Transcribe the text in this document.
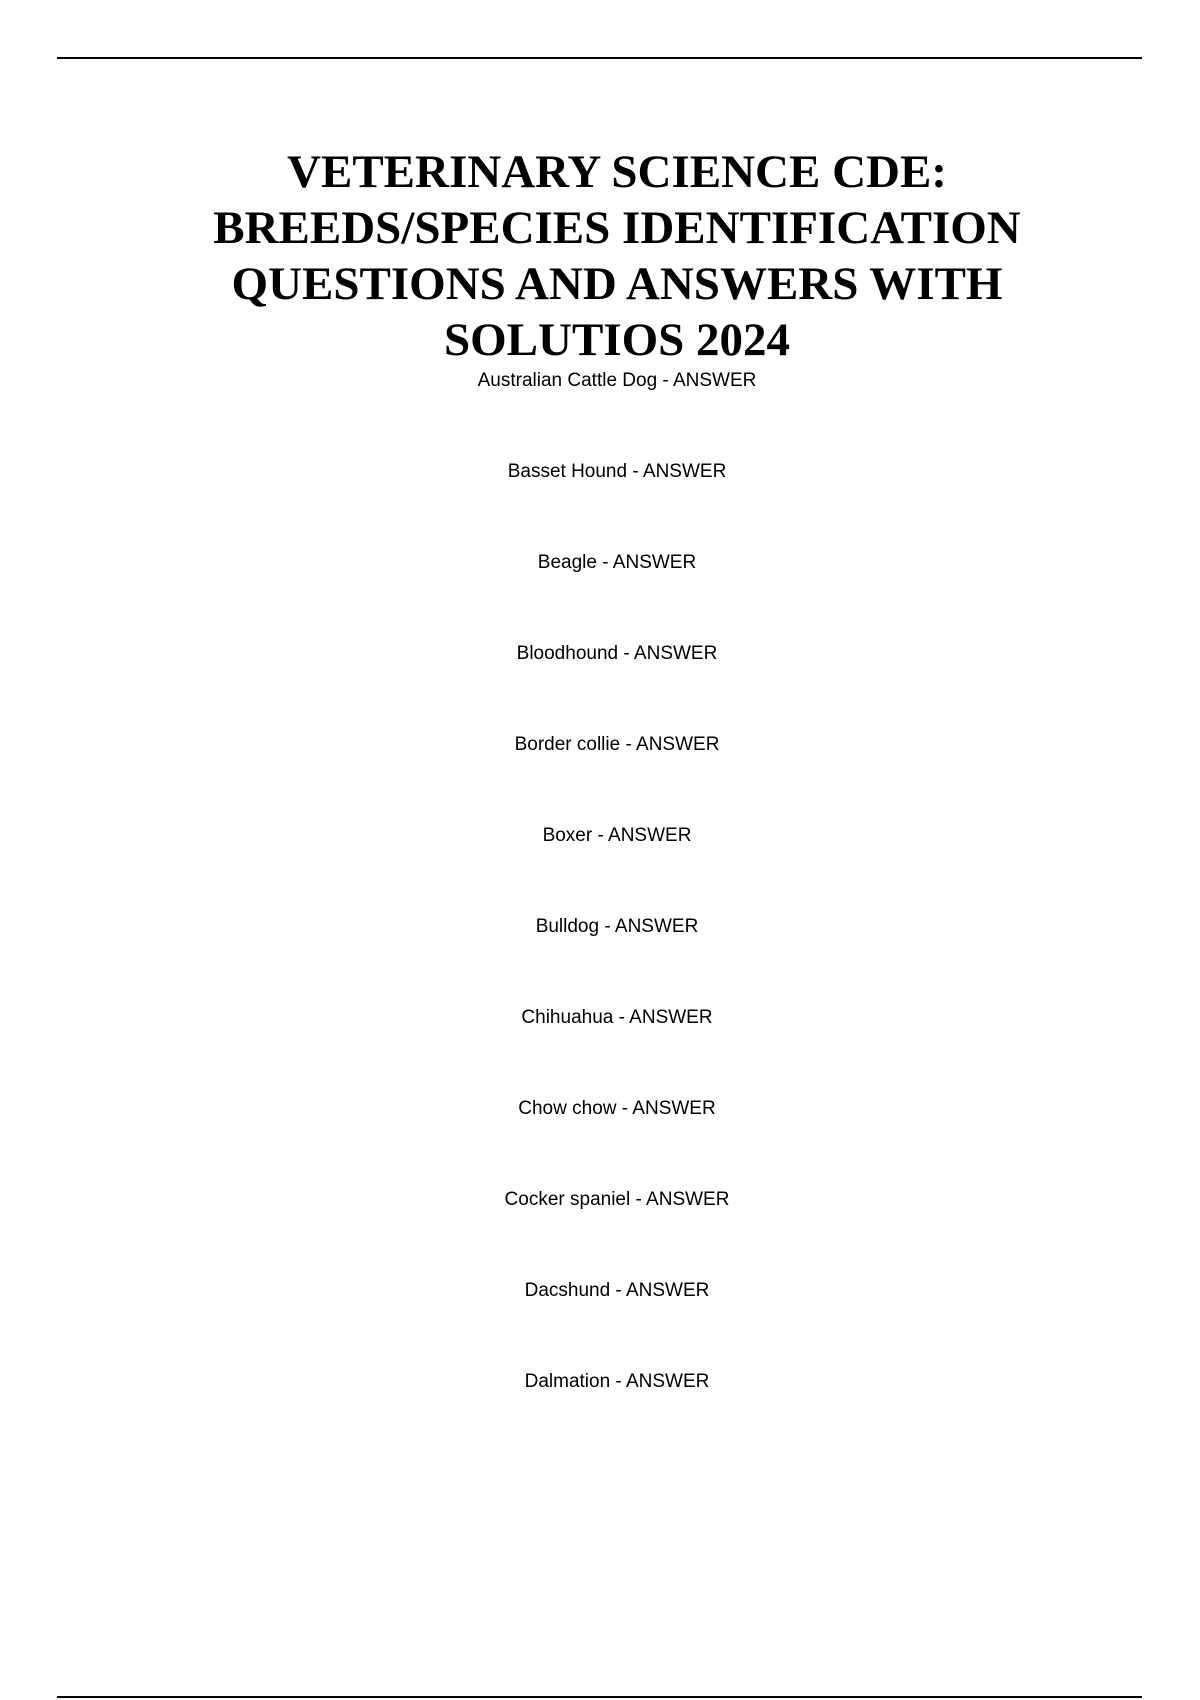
VETERINARY SCIENCE CDE:
BREEDS/SPECIES IDENTIFICATION
QUESTIONS AND ANSWERS WITH
SOLUTIOS 2024
Australian Cattle Dog - ANSWER
Basset Hound - ANSWER
Beagle - ANSWER
Bloodhound - ANSWER
Border collie - ANSWER
Boxer - ANSWER
Bulldog - ANSWER
Chihuahua - ANSWER
Chow chow - ANSWER
Cocker spaniel - ANSWER
Dacshund - ANSWER
Dalmation - ANSWER
